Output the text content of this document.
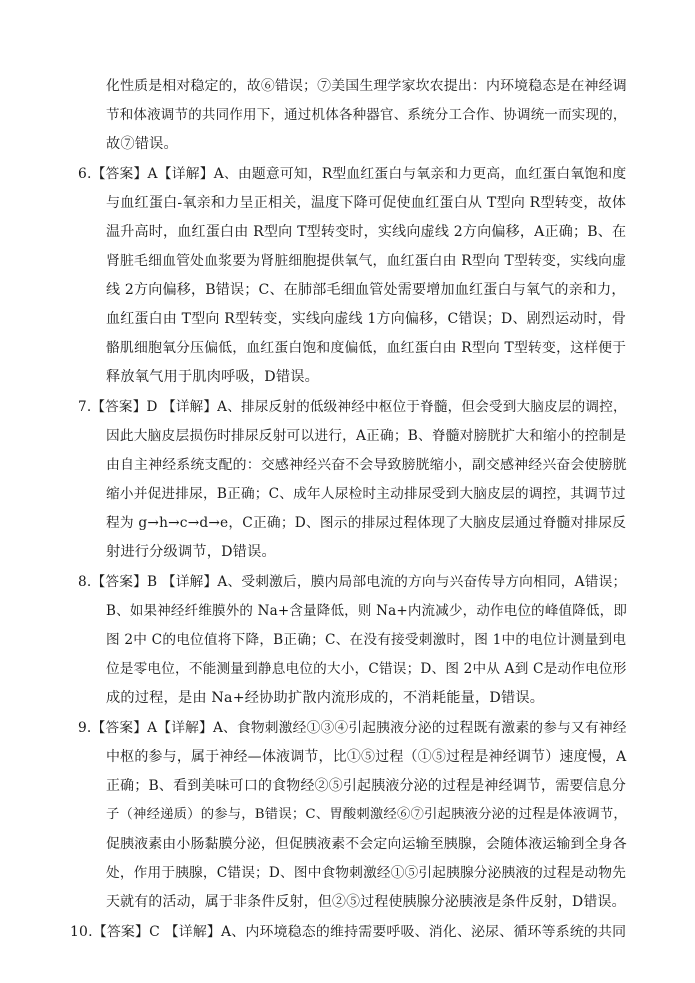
化性质是相对稳定的，故⑥错误；⑦美国生理学家坎农提出：内环境稳态是在神经调
节和体液调节的共同作用下，通过机体各种器官、系统分工合作、协调统一而实现的，
故⑦错误。
6.【答案】A【详解】A、由题意可知，R型血红蛋白与氧亲和力更高，血红蛋白氧饱和度
与血红蛋白-氧亲和力呈正相关，温度下降可促使血红蛋白从 T型向 R型转变，故体
温升高时，血红蛋白由 R型向 T型转变时，实线向虚线 2方向偏移，A正确；B、在
肾脏毛细血管处血浆要为肾脏细胞提供氧气，血红蛋白由 R型向 T型转变，实线向虚
线 2方向偏移，B错误；C、在肺部毛细血管处需要增加血红蛋白与氧气的亲和力，
血红蛋白由 T型向 R型转变，实线向虚线 1方向偏移，C错误；D、剧烈运动时，骨
骼肌细胞氧分压偏低，血红蛋白饱和度偏低，血红蛋白由 R型向 T型转变，这样便于
释放氧气用于肌肉呼吸，D错误。
7.【答案】D 【详解】A、排尿反射的低级神经中枢位于脊髓，但会受到大脑皮层的调控，
因此大脑皮层损伤时排尿反射可以进行，A正确；B、脊髓对膀胱扩大和缩小的控制是
由自主神经系统支配的：交感神经兴奋不会导致膀胱缩小，副交感神经兴奋会使膀胱
缩小并促进排尿，B正确；C、成年人尿检时主动排尿受到大脑皮层的调控，其调节过
程为 g→h→c→d→e，C正确；D、图示的排尿过程体现了大脑皮层通过脊髓对排尿反
射进行分级调节，D错误。
8.【答案】B 【详解】A、受刺激后，膜内局部电流的方向与兴奋传导方向相同，A错误；
B、如果神经纤维膜外的 Na+含量降低，则 Na+内流减少，动作电位的峰值降低，即
图 2中 C的电位值将下降，B正确；C、在没有接受刺激时，图 1中的电位计测量到电
位是零电位，不能测量到静息电位的大小，C错误；D、图 2中从 A到 C是动作电位形
成的过程，是由 Na+经协助扩散内流形成的，不消耗能量，D错误。
9.【答案】A【详解】A、食物刺激经①③④引起胰液分泌的过程既有激素的参与又有神经
中枢的参与，属于神经—体液调节，比①⑤过程（①⑤过程是神经调节）速度慢，A
正确；B、看到美味可口的食物经②⑤引起胰液分泌的过程是神经调节，需要信息分
子（神经递质）的参与，B错误；C、胃酸刺激经⑥⑦引起胰液分泌的过程是体液调节，
促胰液素由小肠黏膜分泌，但促胰液素不会定向运输至胰腺，会随体液运输到全身各
处，作用于胰腺，C错误；D、图中食物刺激经①⑤引起胰腺分泌胰液的过程是动物先
天就有的活动，属于非条件反射，但②⑤过程使胰腺分泌胰液是条件反射，D错误。
10.【答案】C 【详解】A、内环境稳态的维持需要呼吸、消化、泌尿、循环等系统的共同
